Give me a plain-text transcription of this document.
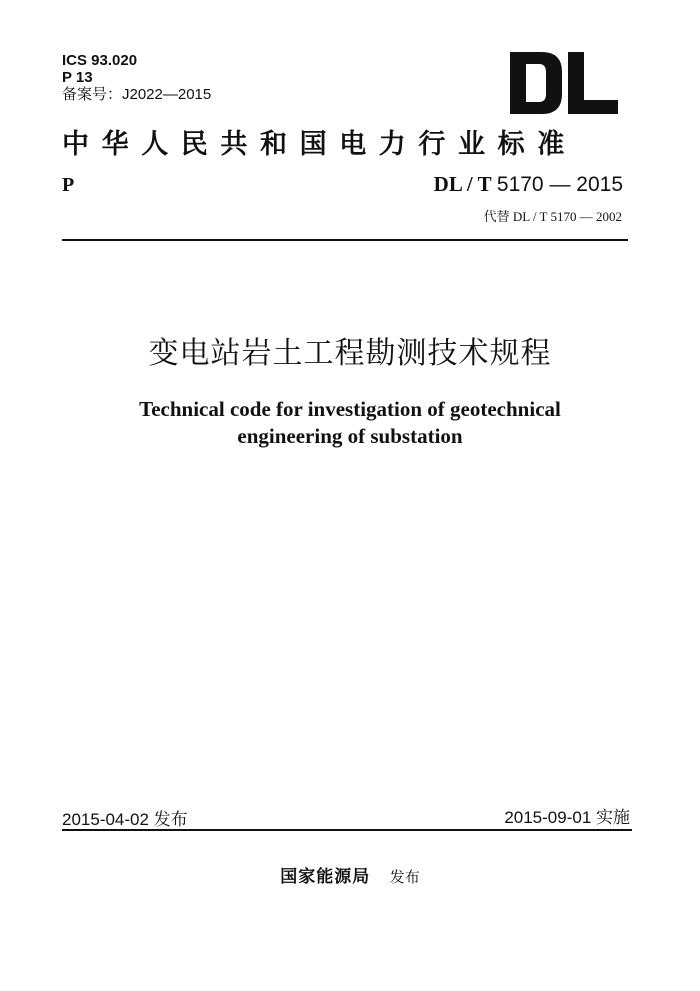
ICS 93.020
P 13
备案号：J2022—2015
中华人民共和国电力行业标准
P	DL / T 5170 — 2015
代替 DL / T 5170 — 2002
变电站岩土工程勘测技术规程
Technical code for investigation of geotechnical
engineering of substation
2015-04-02 发布	2015-09-01 实施
国家能源局 发布
